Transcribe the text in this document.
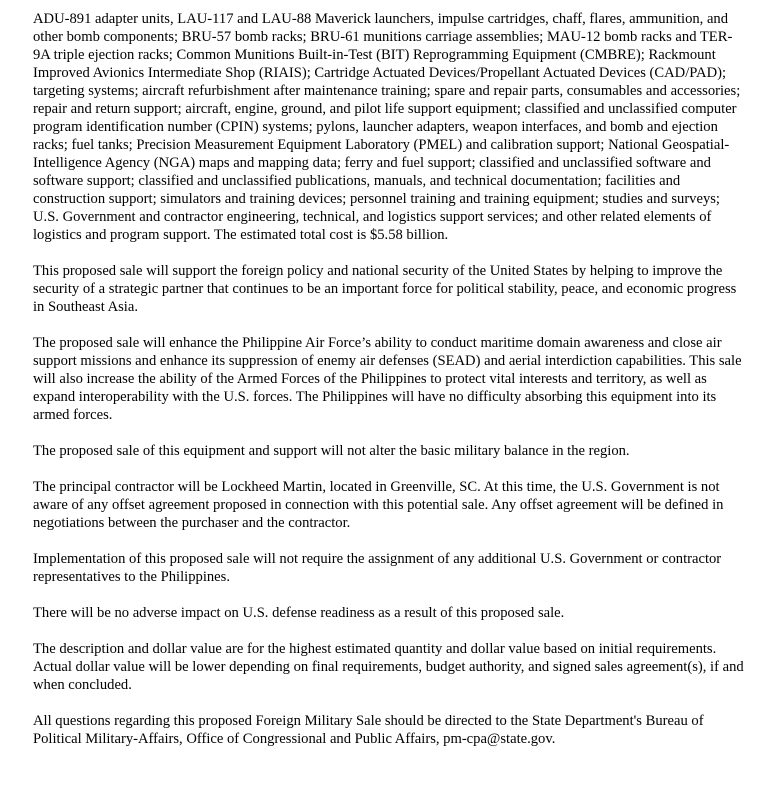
ADU-891 adapter units, LAU-117 and LAU-88 Maverick launchers, impulse cartridges, chaff, flares, ammunition, and other bomb components; BRU-57 bomb racks; BRU-61 munitions carriage assemblies; MAU-12 bomb racks and TER-9A triple ejection racks; Common Munitions Built-in-Test (BIT) Reprogramming Equipment (CMBRE); Rackmount Improved Avionics Intermediate Shop (RIAIS); Cartridge Actuated Devices/Propellant Actuated Devices (CAD/PAD); targeting systems; aircraft refurbishment after maintenance training; spare and repair parts, consumables and accessories; repair and return support; aircraft, engine, ground, and pilot life support equipment; classified and unclassified computer program identification number (CPIN) systems; pylons, launcher adapters, weapon interfaces, and bomb and ejection racks; fuel tanks; Precision Measurement Equipment Laboratory (PMEL) and calibration support; National Geospatial-Intelligence Agency (NGA) maps and mapping data; ferry and fuel support; classified and unclassified software and software support; classified and unclassified publications, manuals, and technical documentation; facilities and construction support; simulators and training devices; personnel training and training equipment; studies and surveys; U.S. Government and contractor engineering, technical, and logistics support services; and other related elements of logistics and program support. The estimated total cost is $5.58 billion.

This proposed sale will support the foreign policy and national security of the United States by helping to improve the security of a strategic partner that continues to be an important force for political stability, peace, and economic progress in Southeast Asia.

The proposed sale will enhance the Philippine Air Force’s ability to conduct maritime domain awareness and close air support missions and enhance its suppression of enemy air defenses (SEAD) and aerial interdiction capabilities. This sale will also increase the ability of the Armed Forces of the Philippines to protect vital interests and territory, as well as expand interoperability with the U.S. forces. The Philippines will have no difficulty absorbing this equipment into its armed forces.

The proposed sale of this equipment and support will not alter the basic military balance in the region.

The principal contractor will be Lockheed Martin, located in Greenville, SC. At this time, the U.S. Government is not aware of any offset agreement proposed in connection with this potential sale. Any offset agreement will be defined in negotiations between the purchaser and the contractor.

Implementation of this proposed sale will not require the assignment of any additional U.S. Government or contractor representatives to the Philippines.

There will be no adverse impact on U.S. defense readiness as a result of this proposed sale.

The description and dollar value are for the highest estimated quantity and dollar value based on initial requirements. Actual dollar value will be lower depending on final requirements, budget authority, and signed sales agreement(s), if and when concluded.

All questions regarding this proposed Foreign Military Sale should be directed to the State Department's Bureau of Political Military-Affairs, Office of Congressional and Public Affairs, pm-cpa@state.gov.
